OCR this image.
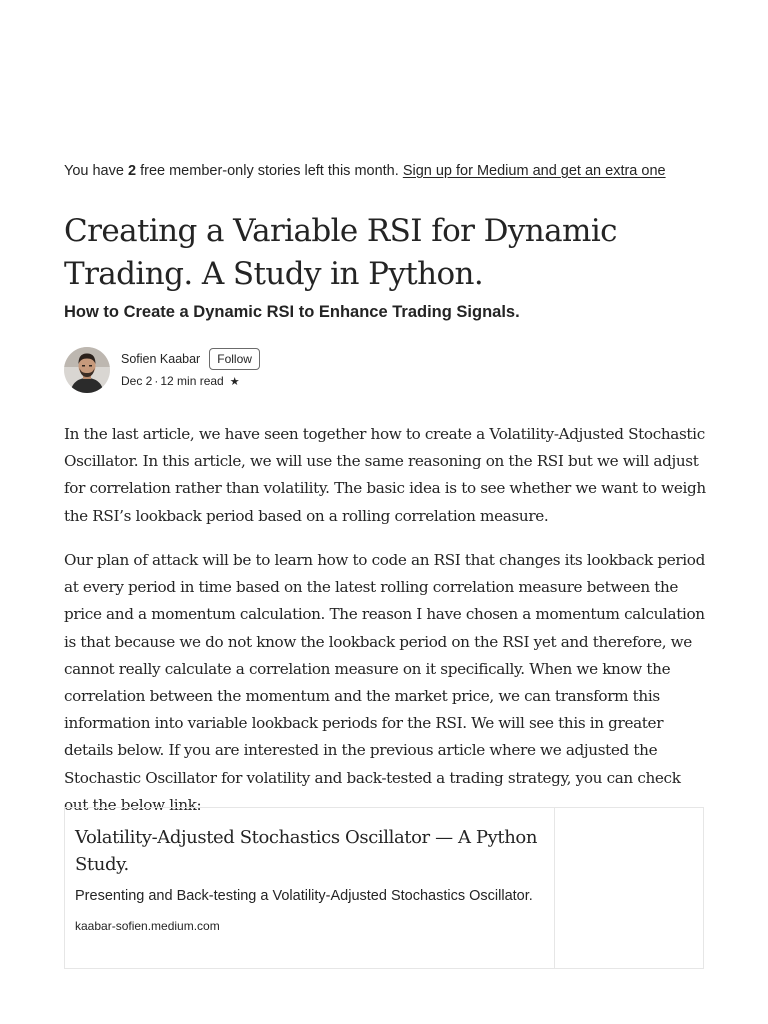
You have 2 free member-only stories left this month. Sign up for Medium and get an extra one
Creating a Variable RSI for Dynamic Trading. A Study in Python.
How to Create a Dynamic RSI to Enhance Trading Signals.
Sofien Kaabar	Follow
Dec 2 · 12 min read ★

In the last article, we have seen together how to create a Volatility-Adjusted Stochastic Oscillator. In this article, we will use the same reasoning on the RSI but we will adjust for correlation rather than volatility. The basic idea is to see whether we want to weigh the RSI’s lookback period based on a rolling correlation measure.

Our plan of attack will be to learn how to code an RSI that changes its lookback period at every period in time based on the latest rolling correlation measure between the price and a momentum calculation. The reason I have chosen a momentum calculation is that because we do not know the lookback period on the RSI yet and therefore, we cannot really calculate a correlation measure on it specifically. When we know the correlation between the momentum and the market price, we can transform this information into variable lookback periods for the RSI. We will see this in greater details below. If you are interested in the previous article where we adjusted the Stochastic Oscillator for volatility and back-tested a trading strategy, you can check out the below link:

Volatility-Adjusted Stochastics Oscillator — A Python Study.

Presenting and Back-testing a Volatility-Adjusted Stochastics Oscillator.

kaabar-sofien.medium.com
